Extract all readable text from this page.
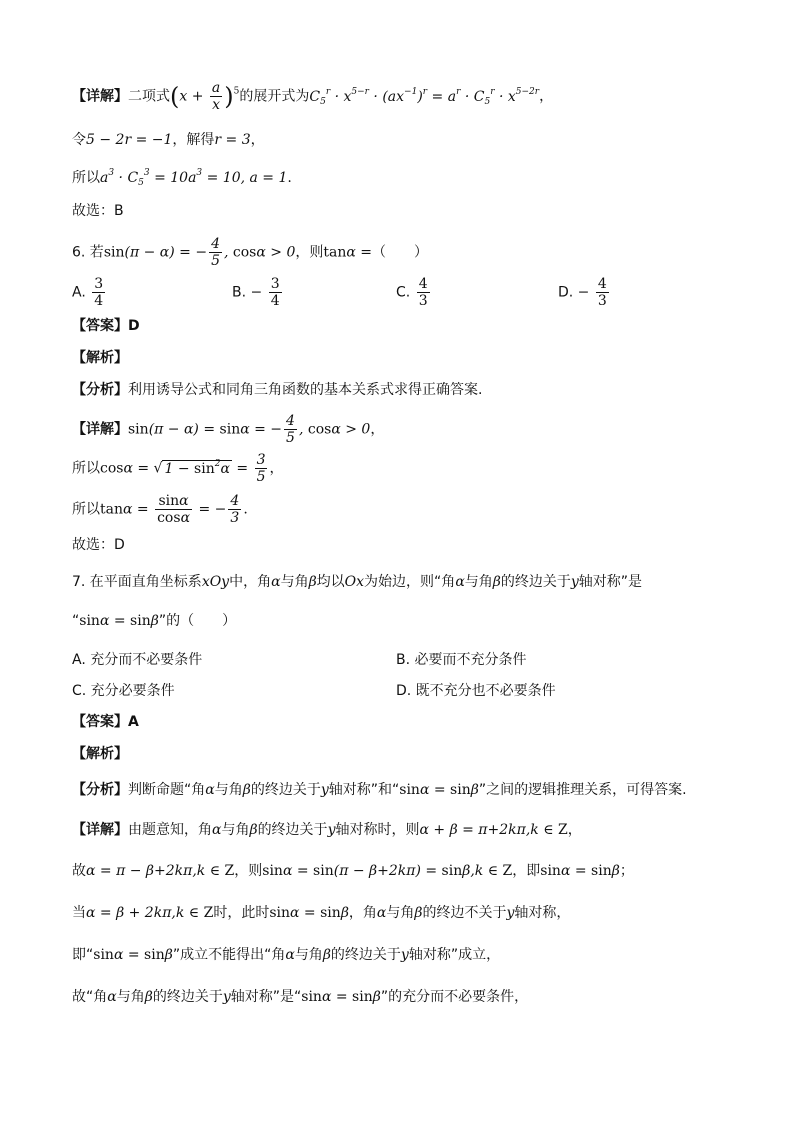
【详解】二项式$(x + \frac{a}{x} )^5$的展开式为$C_5^r \cdot x^{5-r} \cdot (ax^{-1})^r = a^r \cdot C_5^r \cdot x^{5-2r}$，
令5 − 2r = −1，解得r = 3，
所以$a^3 \cdot C_5^3 = 10a^3 = 10$, a = 1.
故选：B
6. 若sin(π − α) = − $\frac{4}{5}$ , cosα > 0，则tanα =（　　）
A. $\frac{3}{4}$	B. − $\frac{3}{4}$	C. $\frac{4}{3}$	D. − $\frac{4}{3}$
【答案】D
【解析】
【分析】利用诱导公式和同角三角函数的基本关系式求得正确答案.
【详解】sin(π − α) = sinα = − $\frac{4}{5}$ , cosα > 0，
所以cosα = √ $1 - \sin^2\alpha = \frac{3}{5}$ ，
所以$\tan\alpha = \frac{\sin\alpha}{\cos\alpha}$ = − $\frac{4}{3}$ .
故选：D
7. 在平面直角坐标系xOy中，角α与角β均以Ox为始边，则“角α与角β的终边关于y轴对称”是
“sinα = sinβ”的（　　）
A. 充分而不必要条件	B. 必要而不充分条件
C. 充分必要条件	D. 既不充分也不必要条件
【答案】A
【解析】
【分析】判断命题“角α与角β的终边关于y轴对称”和“sinα = sinβ”之间的逻辑推理关系，可得答案.
【详解】由题意知，角α与角β的终边关于y轴对称时，则α + β = π+2kπ,k ∈ Z，
故α = π − β+2kπ,k ∈ Z，则sinα = sin(π − β+2kπ) = sinβ,k ∈ Z，即sinα = sinβ；
当α = β + 2kπ,k ∈ Z时，此时sinα = sinβ，角α与角β的终边不关于y轴对称，
即“sinα = sinβ”成立不能得出“角α与角β的终边关于y轴对称”成立，
故“角α与角β的终边关于y轴对称”是“sinα = sinβ”的充分而不必要条件，
